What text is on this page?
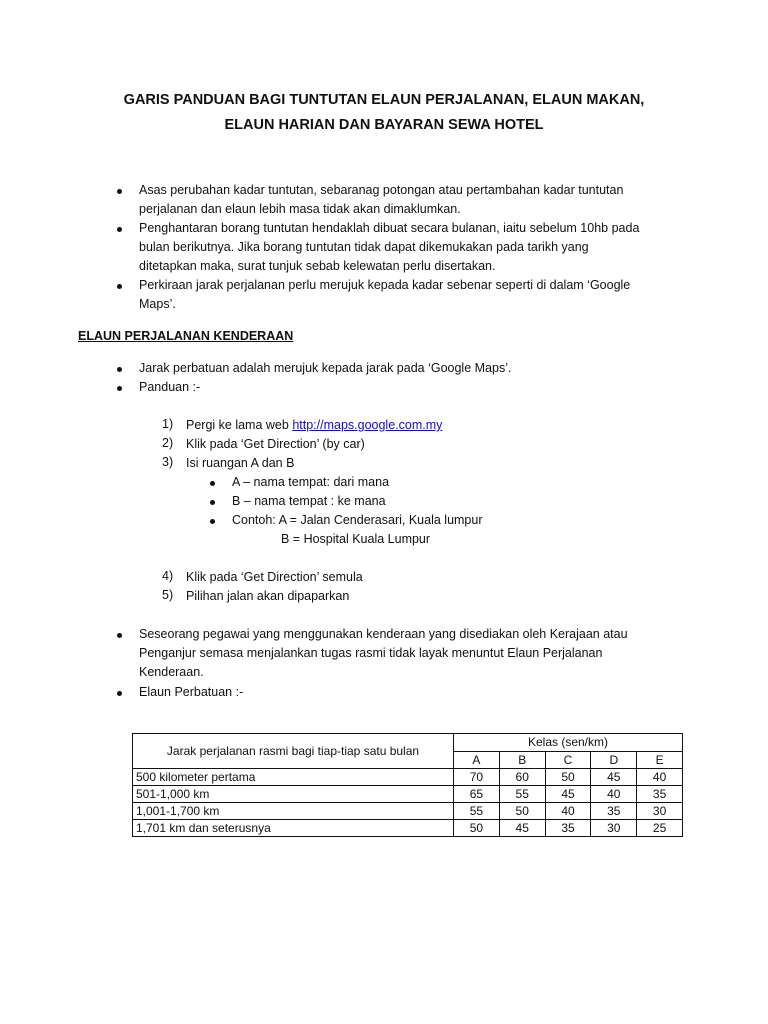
GARIS PANDUAN BAGI TUNTUTAN ELAUN PERJALANAN, ELAUN MAKAN,
ELAUN HARIAN DAN BAYARAN SEWA HOTEL
Asas perubahan kadar tuntutan, sebaranag potongan atau pertambahan kadar tuntutan
perjalanan dan elaun lebih masa tidak akan dimaklumkan.
Penghantaran borang tuntutan hendaklah dibuat secara bulanan, iaitu sebelum 10hb pada
bulan berikutnya. Jika borang tuntutan tidak dapat dikemukakan pada tarikh yang
ditetapkan maka, surat tunjuk sebab kelewatan perlu disertakan.
Perkiraan jarak perjalanan perlu merujuk kepada kadar sebenar seperti di dalam ‘Google
Maps’.
ELAUN PERJALANAN KENDERAAN
Jarak perbatuan adalah merujuk kepada jarak pada ‘Google Maps’.
Panduan :-
1) Pergi ke lama web http://maps.google.com.my
2) Klik pada ‘Get Direction’ (by car)
3) Isi ruangan A dan B
A – nama tempat: dari mana
B – nama tempat : ke mana
Contoh: A = Jalan Cenderasari, Kuala lumpur
B = Hospital Kuala Lumpur
4) Klik pada ‘Get Direction’ semula
5) Pilihan jalan akan dipaparkan
Seseorang pegawai yang menggunakan kenderaan yang disediakan oleh Kerajaan atau
Penganjur semasa menjalankan tugas rasmi tidak layak menuntut Elaun Perjalanan
Kenderaan.
Elaun Perbatuan :-
Jarak perjalanan rasmi bagi tiap-tiap satu bulan	Kelas (sen/km)				
	A	B	C	D	E
500 kilometer pertama	70	60	50	45	40
501-1,000 km	65	55	45	40	35
1,001-1,700 km	55	50	40	35	30
1,701 km dan seterusnya	50	45	35	30	25
